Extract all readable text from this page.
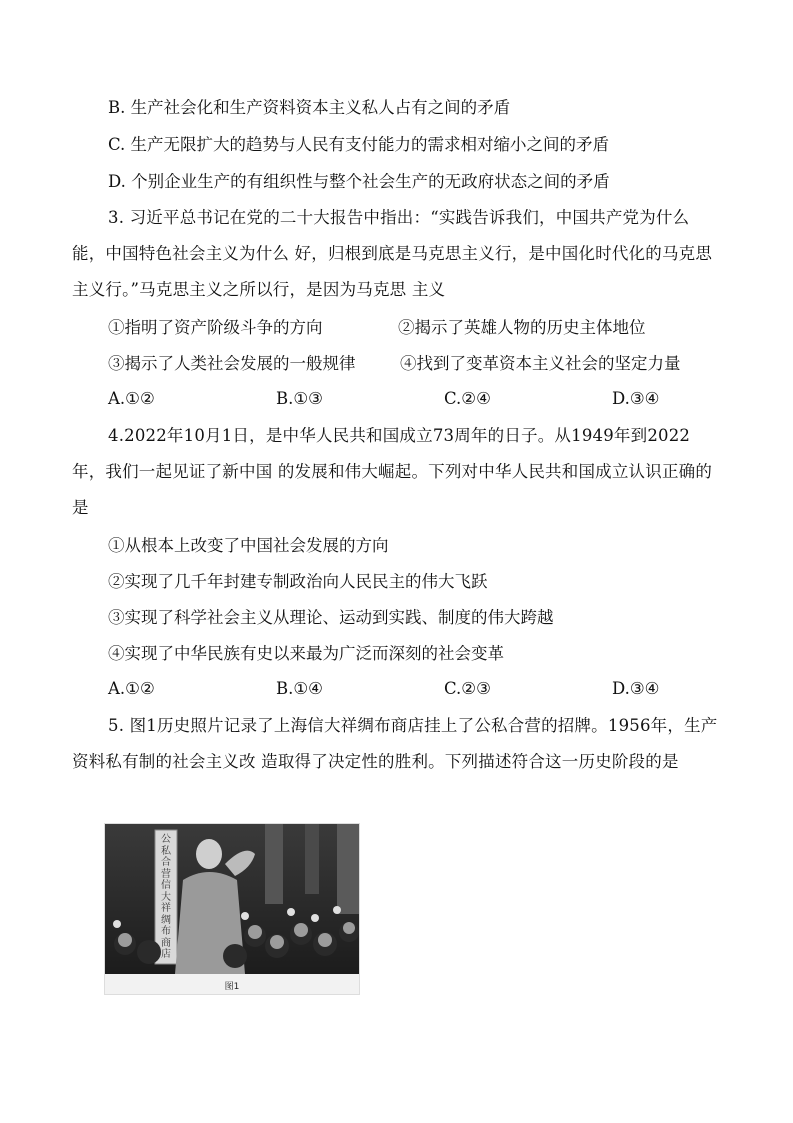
B. 生产社会化和生产资料资本主义私人占有之间的矛盾
C. 生产无限扩大的趋势与人民有支付能力的需求相对缩小之间的矛盾
D. 个别企业生产的有组织性与整个社会生产的无政府状态之间的矛盾
3. 习近平总书记在党的二十大报告中指出：“实践告诉我们，中国共产党为什么能，中国特色社会主义为什么 好，归根到底是马克思主义行，是中国化时代化的马克思主义行。”马克思主义之所以行，是因为马克思 主义
①指明了资产阶级斗争的方向	②揭示了英雄人物的历史主体地位
③揭示了人类社会发展的一般规律	④找到了变革资本主义社会的坚定力量
A.①②	B.①③	C.②④	D.③④
4.2022年10月1日，是中华人民共和国成立73周年的日子。从1949年到2022年，我们一起见证了新中国 的发展和伟大崛起。下列对中华人民共和国成立认识正确的是
①从根本上改变了中国社会发展的方向
②实现了几千年封建专制政治向人民民主的伟大飞跃
③实现了科学社会主义从理论、运动到实践、制度的伟大跨越
④实现了中华民族有史以来最为广泛而深刻的社会变革
A.①②	B.①④	C.②③	D.③④
5. 图1历史照片记录了上海信大祥绸布商店挂上了公私合营的招牌。1956年，生产资料私有制的社会主义改 造取得了决定性的胜利。下列描述符合这一历史阶段的是
公私合营信大祥绸布商店
图1
